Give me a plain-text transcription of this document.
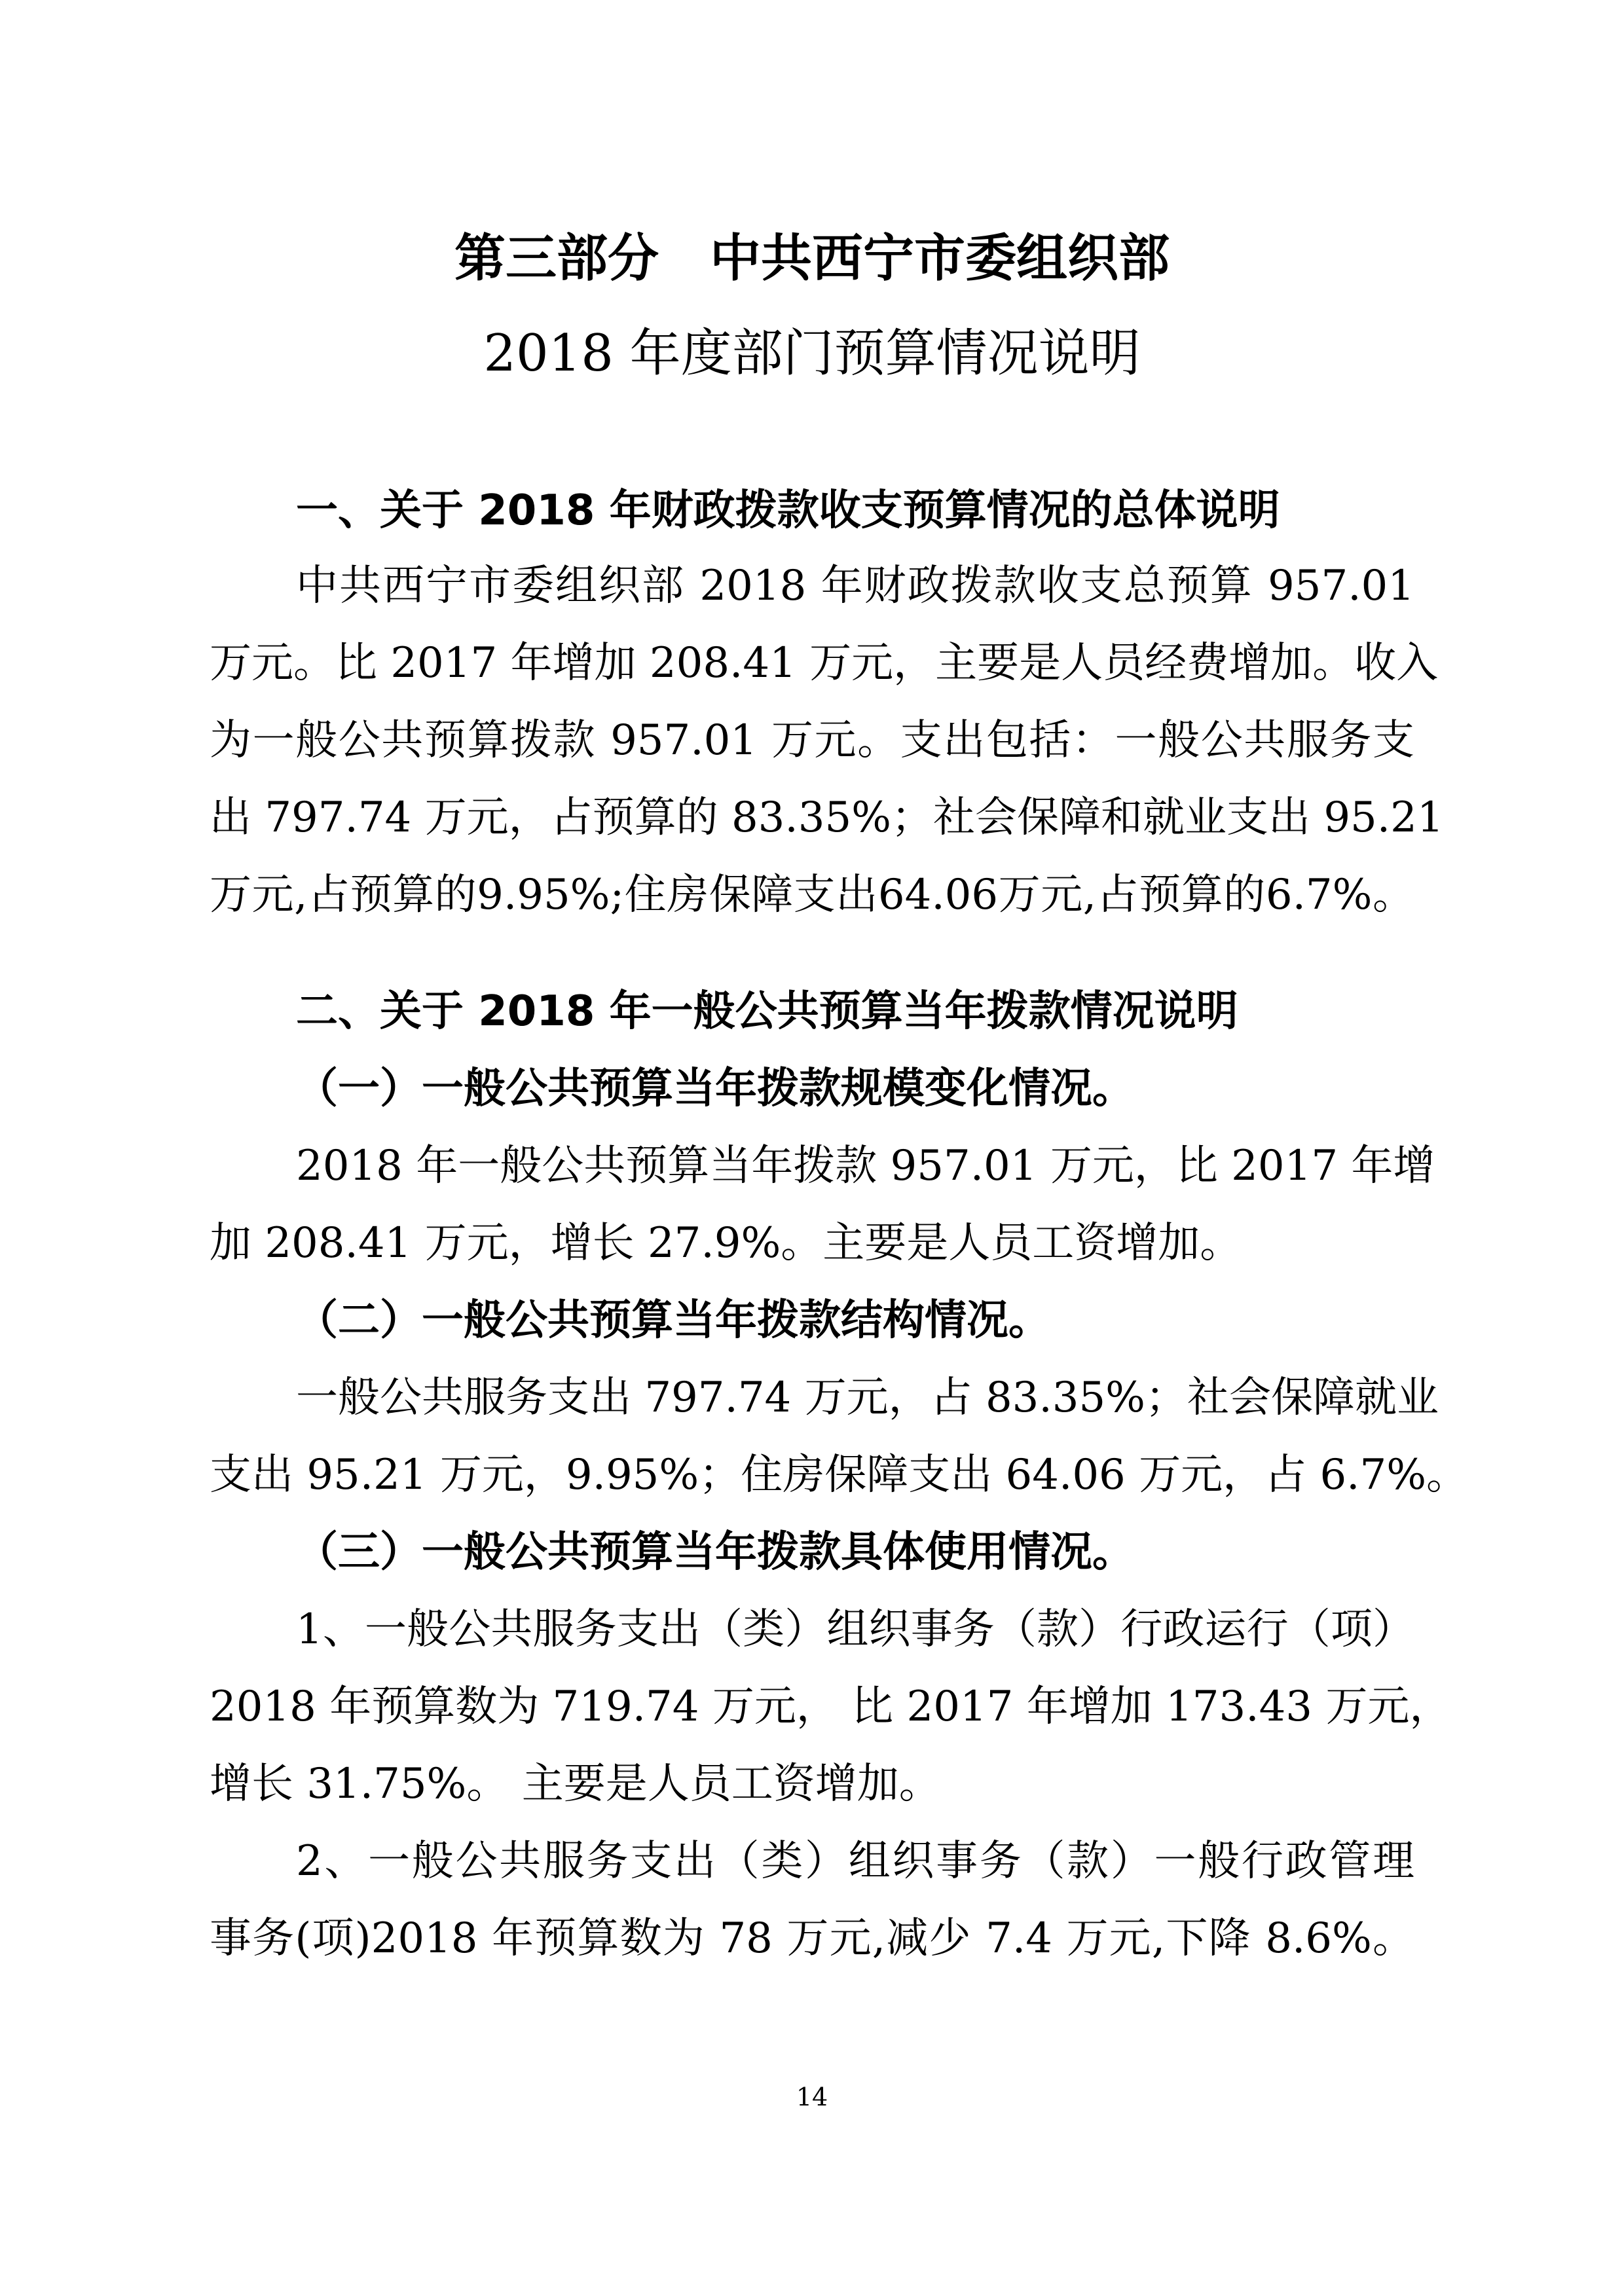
第三部分　中共西宁市委组织部
2018 年度部门预算情况说明
一、关于 2018 年财政拨款收支预算情况的总体说明
中共西宁市委组织部 2018 年财政拨款收支总预算 957.01
万元。比 2017 年增加 208.41 万元，主要是人员经费增加。收入
为一般公共预算拨款 957.01 万元。支出包括：一般公共服务支
出 797.74 万元，占预算的 83.35%；社会保障和就业支出 95.21
万元,占预算的9.95%;住房保障支出64.06万元,占预算的6.7%。
二、关于 2018 年一般公共预算当年拨款情况说明
（一）一般公共预算当年拨款规模变化情况。
2018 年一般公共预算当年拨款 957.01 万元，比 2017 年增
加 208.41 万元，增长 27.9%。主要是人员工资增加。
（二）一般公共预算当年拨款结构情况。
一般公共服务支出 797.74 万元，占 83.35%；社会保障就业
支出 95.21 万元，9.95%；住房保障支出 64.06 万元，占 6.7%。
（三）一般公共预算当年拨款具体使用情况。
1、一般公共服务支出（类）组织事务（款）行政运行（项）
2018 年预算数为 719.74 万元， 比 2017 年增加 173.43 万元，
增长 31.75%。 主要是人员工资增加。
2、一般公共服务支出（类）组织事务（款）一般行政管理
事务(项)2018 年预算数为 78 万元,减少 7.4 万元,下降 8.6%。
14
